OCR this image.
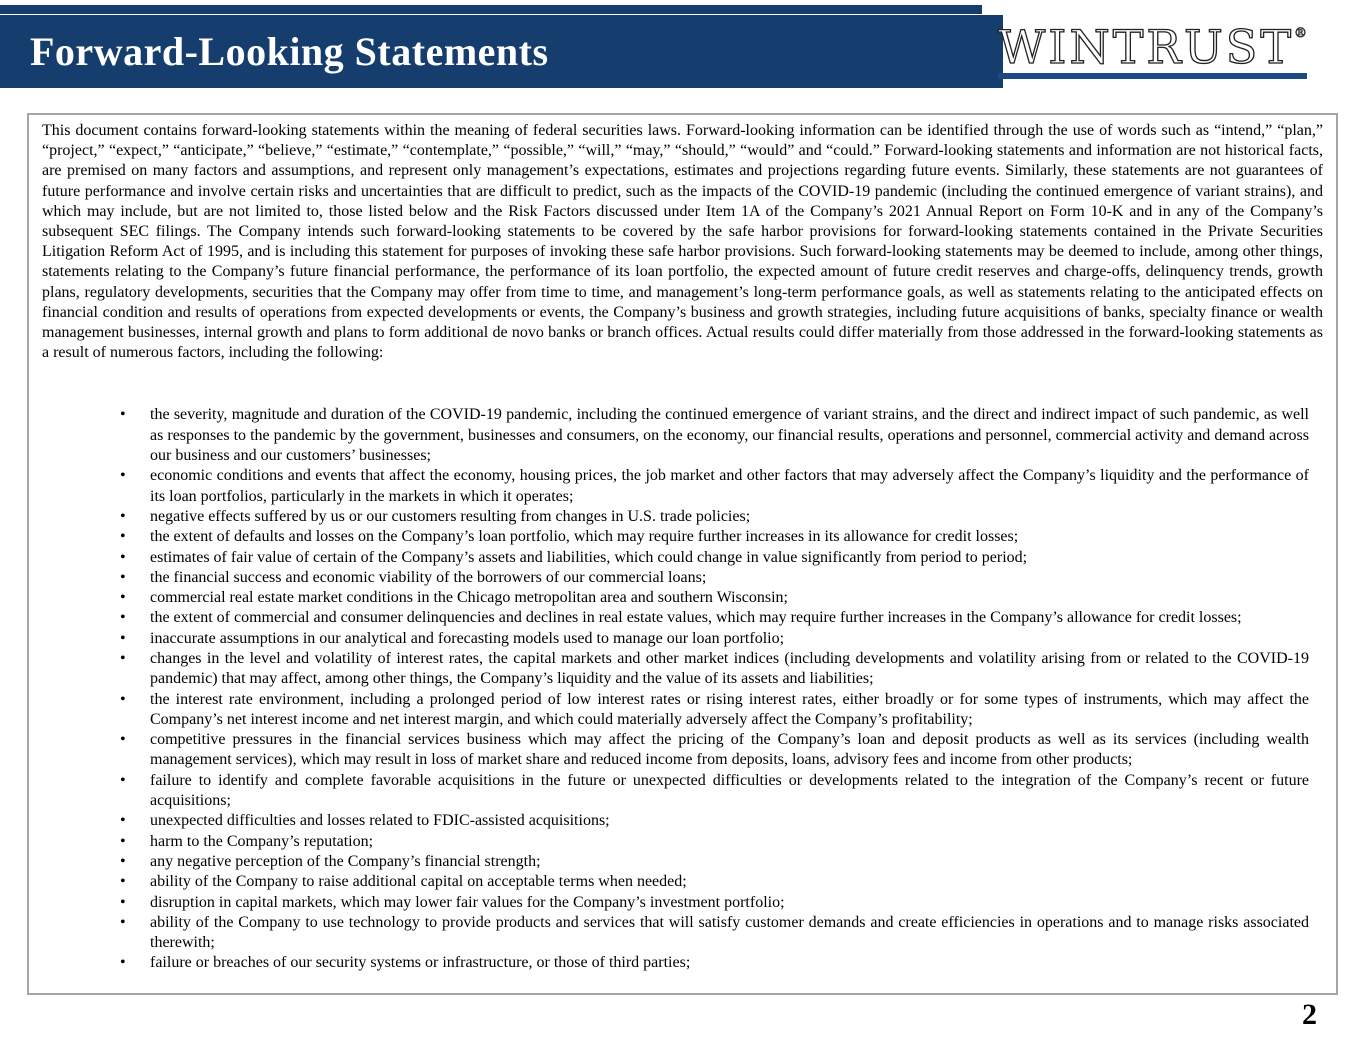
Forward-Looking Statements	WINTRUST®

This document contains forward-looking statements within the meaning of federal securities laws. Forward-looking information can be identified through the use of words such as “intend,” “plan,” “project,” “expect,” “anticipate,” “believe,” “estimate,” “contemplate,” “possible,” “will,” “may,” “should,” “would” and “could.” Forward-looking statements and information are not historical facts, are premised on many factors and assumptions, and represent only management’s expectations, estimates and projections regarding future events. Similarly, these statements are not guarantees of future performance and involve certain risks and uncertainties that are difficult to predict, such as the impacts of the COVID-19 pandemic (including the continued emergence of variant strains), and which may include, but are not limited to, those listed below and the Risk Factors discussed under Item 1A of the Company’s 2021 Annual Report on Form 10-K and in any of the Company’s subsequent SEC filings. The Company intends such forward-looking statements to be covered by the safe harbor provisions for forward-looking statements contained in the Private Securities Litigation Reform Act of 1995, and is including this statement for purposes of invoking these safe harbor provisions. Such forward-looking statements may be deemed to include, among other things, statements relating to the Company’s future financial performance, the performance of its loan portfolio, the expected amount of future credit reserves and charge-offs, delinquency trends, growth plans, regulatory developments, securities that the Company may offer from time to time, and management’s long-term performance goals, as well as statements relating to the anticipated effects on financial condition and results of operations from expected developments or events, the Company’s business and growth strategies, including future acquisitions of banks, specialty finance or wealth management businesses, internal growth and plans to form additional de novo banks or branch offices. Actual results could differ materially from those addressed in the forward-looking statements as a result of numerous factors, including the following:

• the severity, magnitude and duration of the COVID-19 pandemic, including the continued emergence of variant strains, and the direct and indirect impact of such pandemic, as well as responses to the pandemic by the government, businesses and consumers, on the economy, our financial results, operations and personnel, commercial activity and demand across our business and our customers’ businesses;
• economic conditions and events that affect the economy, housing prices, the job market and other factors that may adversely affect the Company’s liquidity and the performance of its loan portfolios, particularly in the markets in which it operates;
• negative effects suffered by us or our customers resulting from changes in U.S. trade policies;
• the extent of defaults and losses on the Company’s loan portfolio, which may require further increases in its allowance for credit losses;
• estimates of fair value of certain of the Company’s assets and liabilities, which could change in value significantly from period to period;
• the financial success and economic viability of the borrowers of our commercial loans;
• commercial real estate market conditions in the Chicago metropolitan area and southern Wisconsin;
• the extent of commercial and consumer delinquencies and declines in real estate values, which may require further increases in the Company’s allowance for credit losses;
• inaccurate assumptions in our analytical and forecasting models used to manage our loan portfolio;
• changes in the level and volatility of interest rates, the capital markets and other market indices (including developments and volatility arising from or related to the COVID-19 pandemic) that may affect, among other things, the Company’s liquidity and the value of its assets and liabilities;
• the interest rate environment, including a prolonged period of low interest rates or rising interest rates, either broadly or for some types of instruments, which may affect the Company’s net interest income and net interest margin, and which could materially adversely affect the Company’s profitability;
• competitive pressures in the financial services business which may affect the pricing of the Company’s loan and deposit products as well as its services (including wealth management services), which may result in loss of market share and reduced income from deposits, loans, advisory fees and income from other products;
• failure to identify and complete favorable acquisitions in the future or unexpected difficulties or developments related to the integration of the Company’s recent or future acquisitions;
• unexpected difficulties and losses related to FDIC-assisted acquisitions;
• harm to the Company’s reputation;
• any negative perception of the Company’s financial strength;
• ability of the Company to raise additional capital on acceptable terms when needed;
• disruption in capital markets, which may lower fair values for the Company’s investment portfolio;
• ability of the Company to use technology to provide products and services that will satisfy customer demands and create efficiencies in operations and to manage risks associated therewith;
• failure or breaches of our security systems or infrastructure, or those of third parties;
2
